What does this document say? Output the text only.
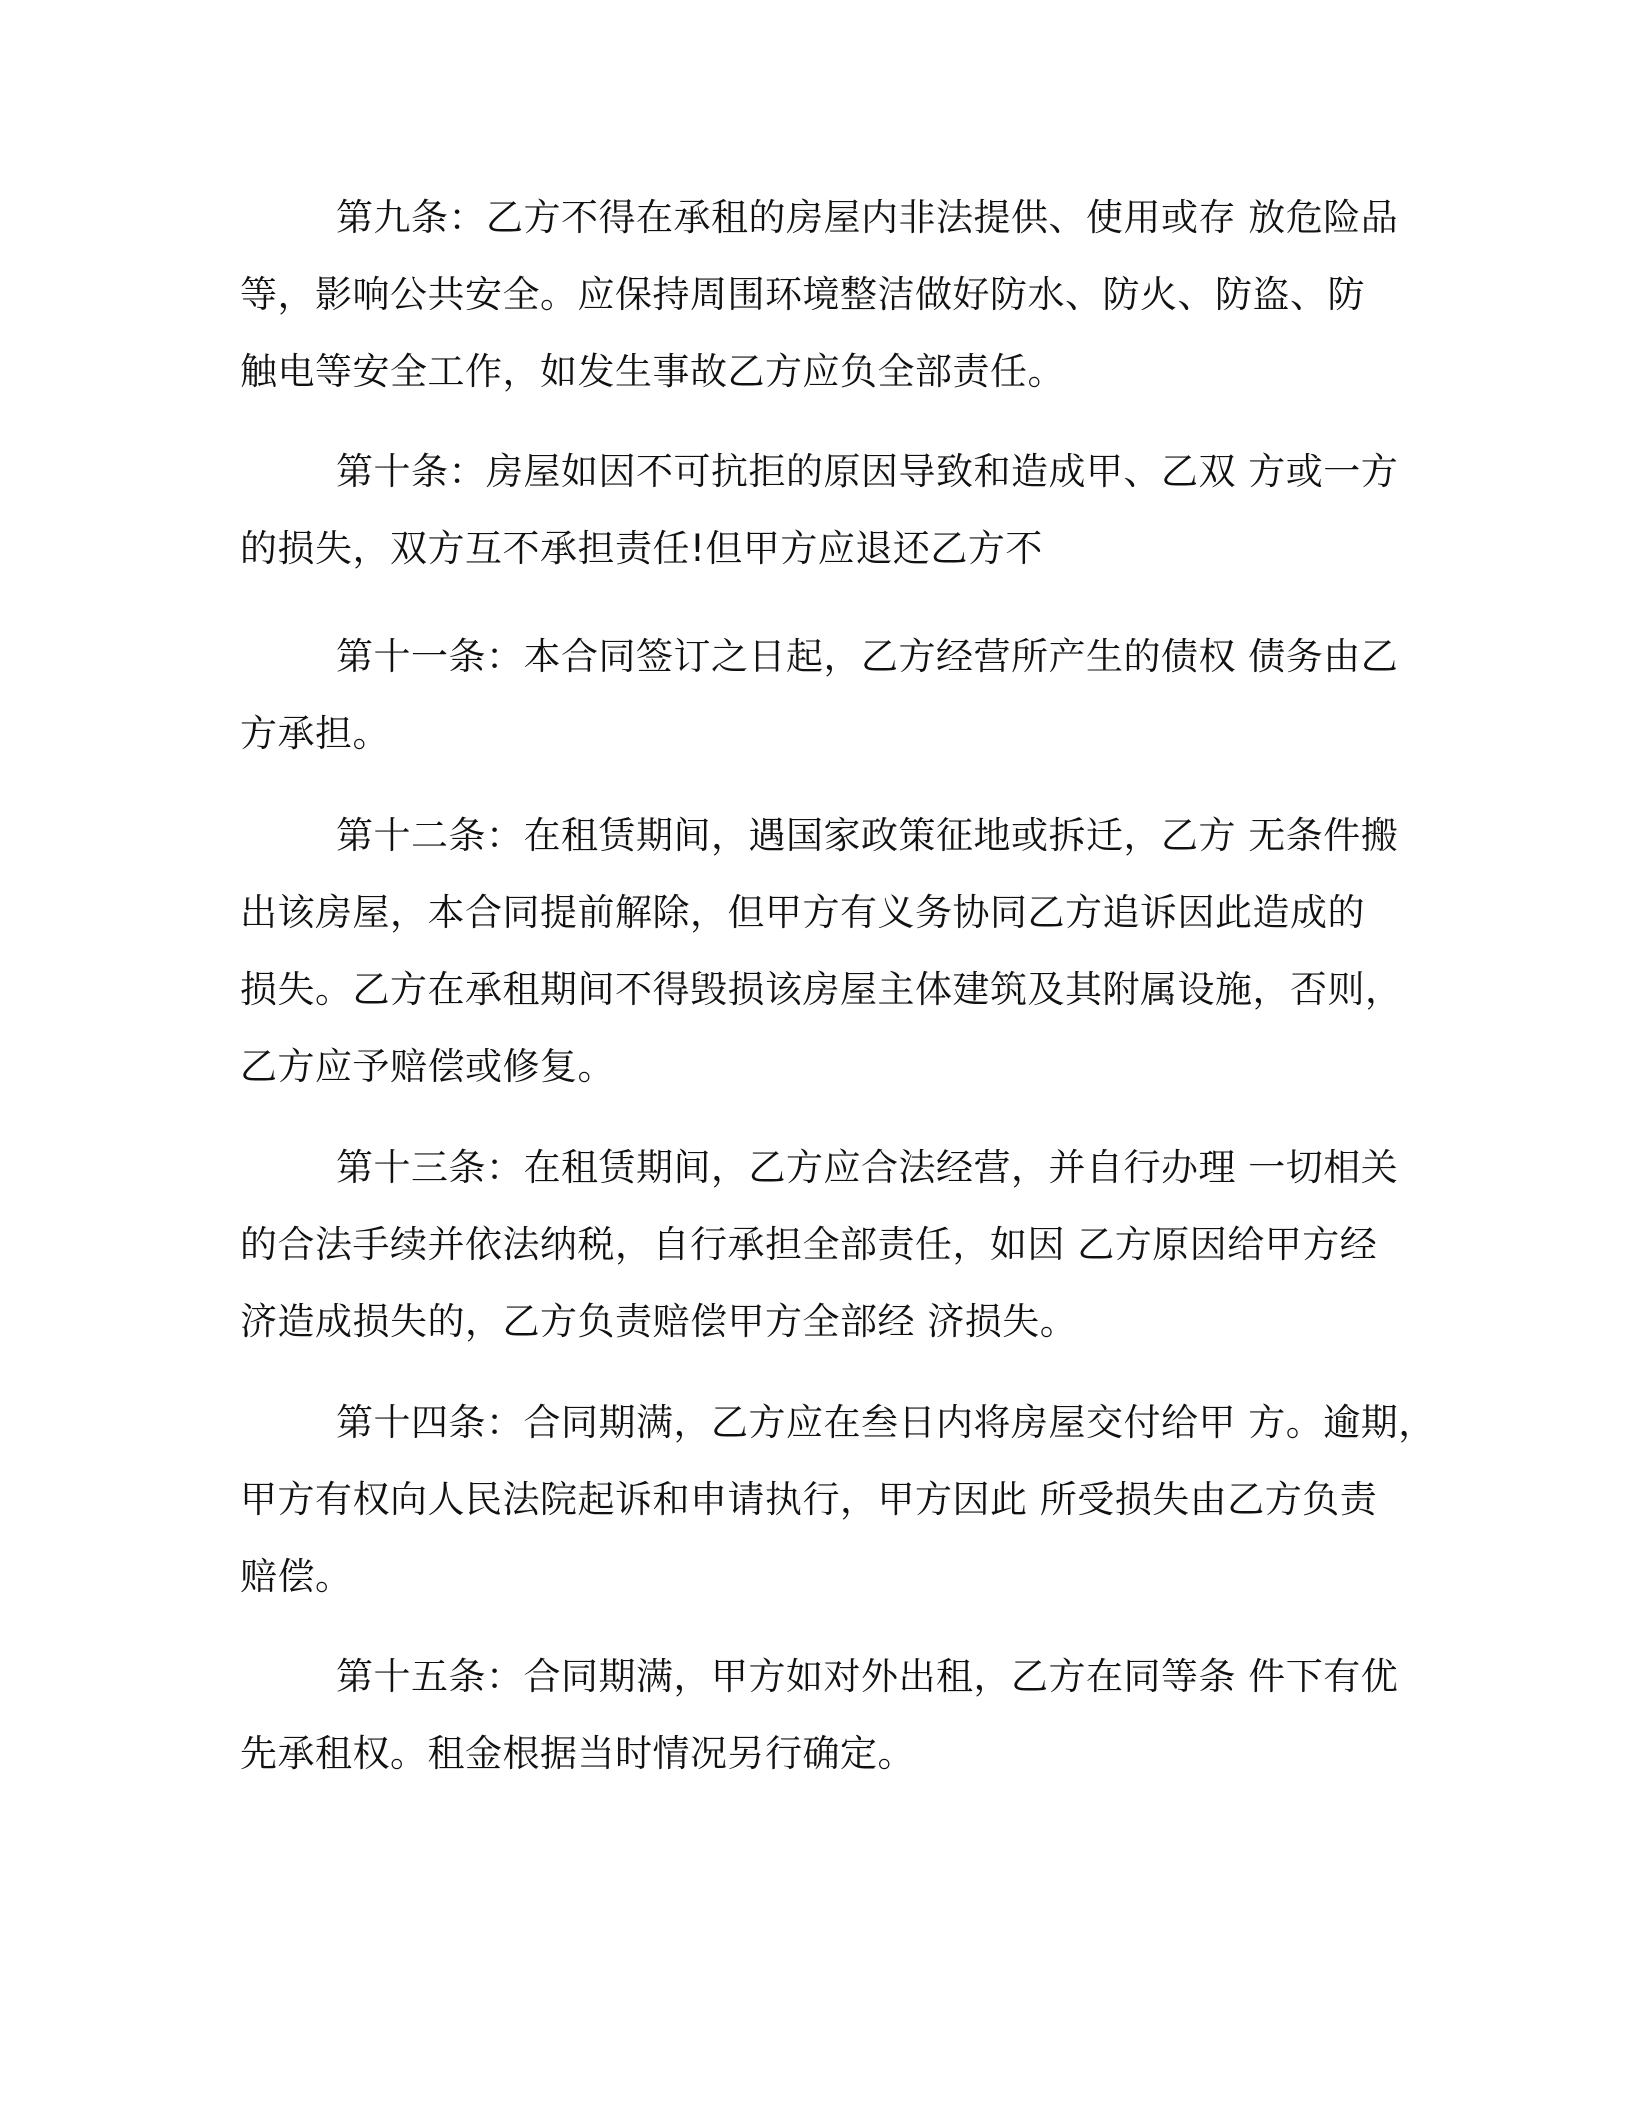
第九条：乙方不得在承租的房屋内非法提供、使用或存 放危险品
等，影响公共安全。应保持周围环境整洁做好防水、防火、防盗、防
触电等安全工作，如发生事故乙方应负全部责任。
第十条：房屋如因不可抗拒的原因导致和造成甲、乙双 方或一方
的损失，双方互不承担责任!但甲方应退还乙方不
第十一条：本合同签订之日起，乙方经营所产生的债权 债务由乙
方承担。
第十二条：在租赁期间，遇国家政策征地或拆迁，乙方 无条件搬
出该房屋，本合同提前解除，但甲方有义务协同乙方追诉因此造成的
损失。乙方在承租期间不得毁损该房屋主体建筑及其附属设施，否则，
乙方应予赔偿或修复。
第十三条：在租赁期间，乙方应合法经营，并自行办理 一切相关
的合法手续并依法纳税，自行承担全部责任，如因 乙方原因给甲方经
济造成损失的，乙方负责赔偿甲方全部经 济损失。
第十四条：合同期满，乙方应在叁日内将房屋交付给甲 方。逾期，
甲方有权向人民法院起诉和申请执行，甲方因此 所受损失由乙方负责
赔偿。
第十五条：合同期满，甲方如对外出租，乙方在同等条 件下有优
先承租权。租金根据当时情况另行确定。
